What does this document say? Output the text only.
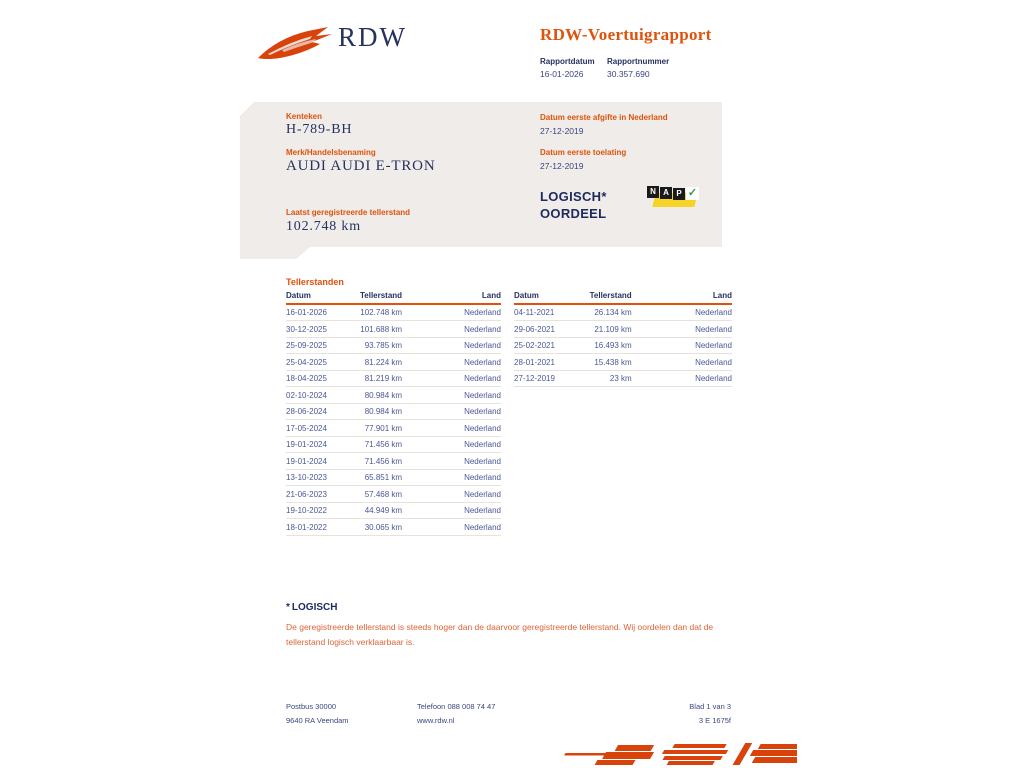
RDW	RDW-Voertuigrapport
Rapportdatum Rapportnummer
16-01-2026	30.357.690
Kenteken
H-789-BH
Merk/Handelsbenaming
AUDI AUDI E-TRON
Laatst geregistreerde tellerstand
102.748 km
Datum eerste afgifte in Nederland
27-12-2019
Datum eerste toelating
27-12-2019
LOGISCH*
OORDEEL
N A P ✓
Tellerstanden
Datum	Tellerstand	Land
16-01-2026	102.748 km	Nederland
30-12-2025	101.688 km	Nederland
25-09-2025	93.785 km	Nederland
25-04-2025	81.224 km	Nederland
18-04-2025	81.219 km	Nederland
02-10-2024	80.984 km	Nederland
28-06-2024	80.984 km	Nederland
17-05-2024	77.901 km	Nederland
19-01-2024	71.456 km	Nederland
19-01-2024	71.456 km	Nederland
13-10-2023	65.851 km	Nederland
21-06-2023	57.468 km	Nederland
19-10-2022	44.949 km	Nederland
18-01-2022	30.065 km	Nederland
Datum	Tellerstand	Land
04-11-2021	26.134 km	Nederland
29-06-2021	21.109 km	Nederland
25-02-2021	16.493 km	Nederland
28-01-2021	15.438 km	Nederland
27-12-2019	23 km	Nederland
* LOGISCH
De geregistreerde tellerstand is steeds hoger dan de daarvoor geregistreerde tellerstand. Wij oordelen dan dat de tellerstand logisch verklaarbaar is.
Postbus 30000
9640 RA Veendam
Telefoon 088 008 74 47
www.rdw.nl
Blad 1 van 3
3 E 1675f
